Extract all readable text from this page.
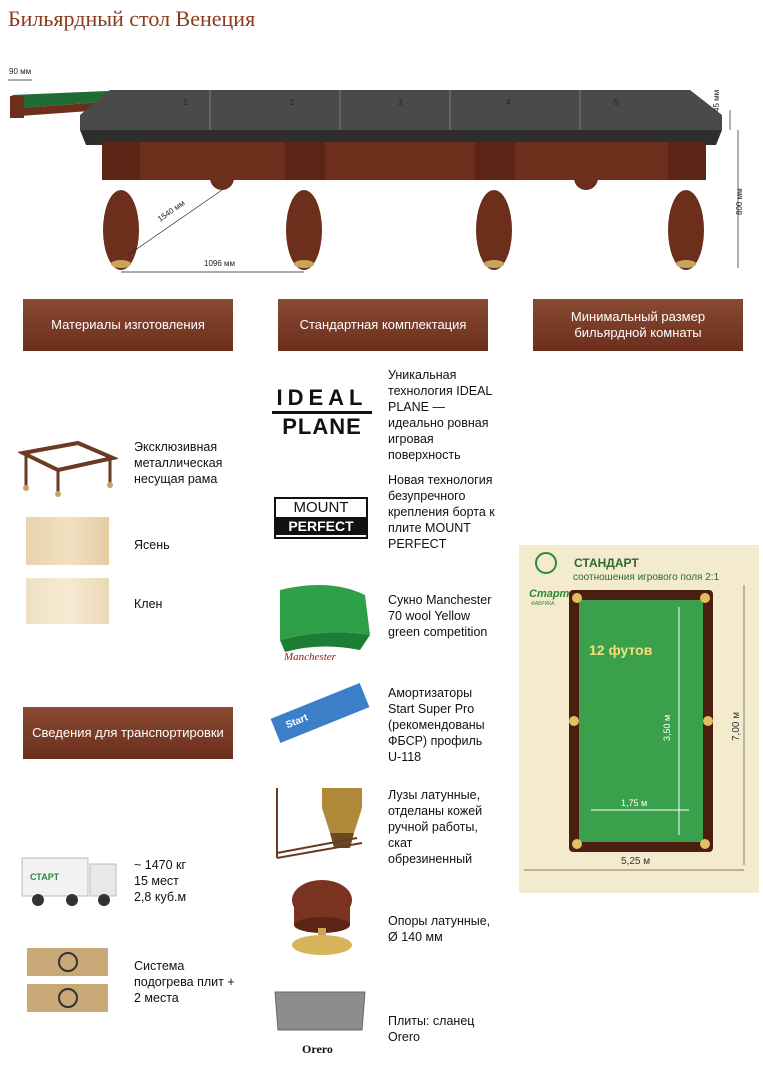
Бильярдный стол Венеция
90 мм
1	2	3	4	5	45 мм
800 мм
1540 мм
1096 мм
Материалы изготовления	Стандартная комплектация
Минимальный размер бильярдной комнаты
Сведения для транспортировки
Эксклюзивная металлическая несущая рама
Ясень
Клен
IDEAL
PLANE
Уникальная технология IDEAL PLANE — идеально ровная игровая поверхность
MOUNT
PERFECT
Новая технология безупречного крепления борта к плите MOUNT PERFECT
Manchester
Сукно Manchester 70 wool Yellow green competition
Start
Амортизаторы Start Super Pro (рекомендованы ФБСР) профиль U-118
Лузы латунные, отделаны кожей ручной работы, скат обрезиненный
Опоры латунные, Ø 140 мм
Orero
Плиты: сланец Orero
СТАРТ
~ 1470 кг
15 мест
2,8 куб.м
Система подогрева плит + 2 места
Старт
ФАБРИКА
СТАНДАРТ
соотношения игрового поля 2:1
12 футов
3,50 м
1,75 м
7,00 м
5,25 м
